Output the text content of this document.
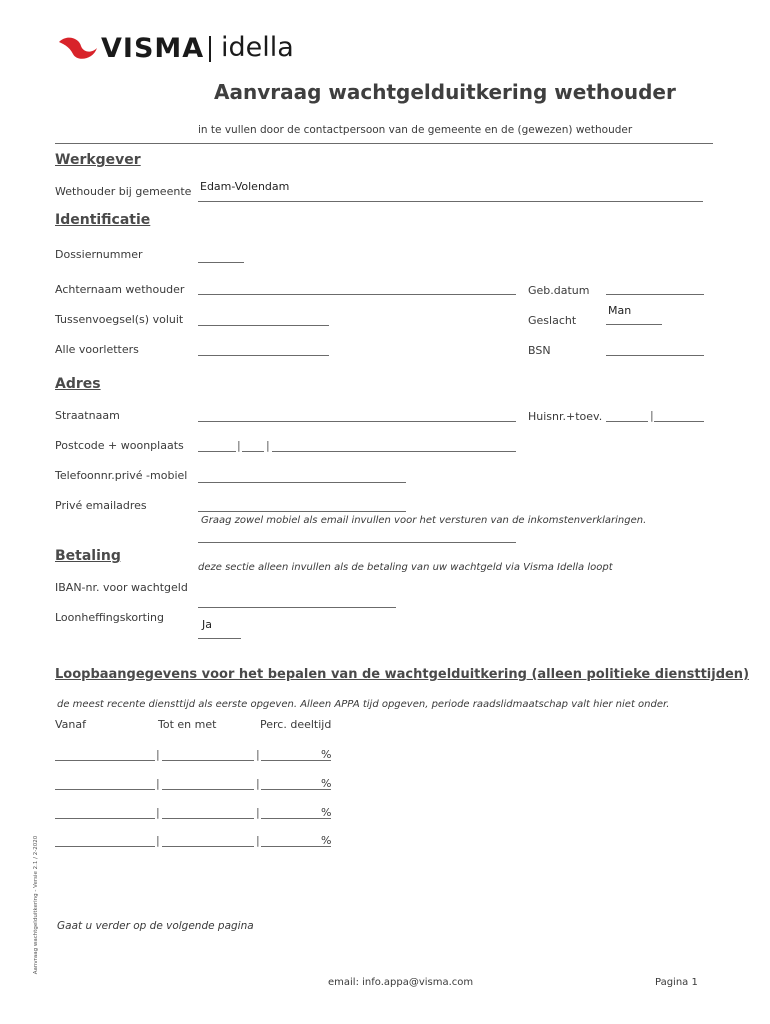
VISMA idella
Aanvraag wachtgelduitkering wethouder
in te vullen door de contactpersoon van de gemeente en de (gewezen) wethouder
Werkgever
Wethouder bij gemeente Edam-Volendam
Identificatie
Dossiernummer
Achternaam wethouder	Geb.datum
Tussenvoegsel(s) voluit	Geslacht
Man
Alle voorletters	BSN
Adres
Straatnaam	Huisnr.+toev.	|
Postcode + woonplaats	| |
Telefoonnr.privé -mobiel
Privé emailadres
Graag zowel mobiel als email invullen voor het versturen van de inkomstenverklaringen.
Betaling
deze sectie alleen invullen als de betaling van uw wachtgeld via Visma Idella loopt
IBAN-nr. voor wachtgeld
Loonheffingskorting
Ja
Loopbaangegevens voor het bepalen van de wachtgelduitkering (alleen politieke diensttijden)
de meest recente diensttijd als eerste opgeven. Alleen APPA tijd opgeven, periode raadslidmaatschap valt hier niet onder.
Vanaf	Tot en met	Perc. deeltijd
|	|	%
|	|	%
|	|	%
|	|	%
Gaat u verder op de volgende pagina
email: info.appa@visma.com	Pagina 1
Aanvraag wachtgelduitkering - Versie 2.1 / 2-2020
